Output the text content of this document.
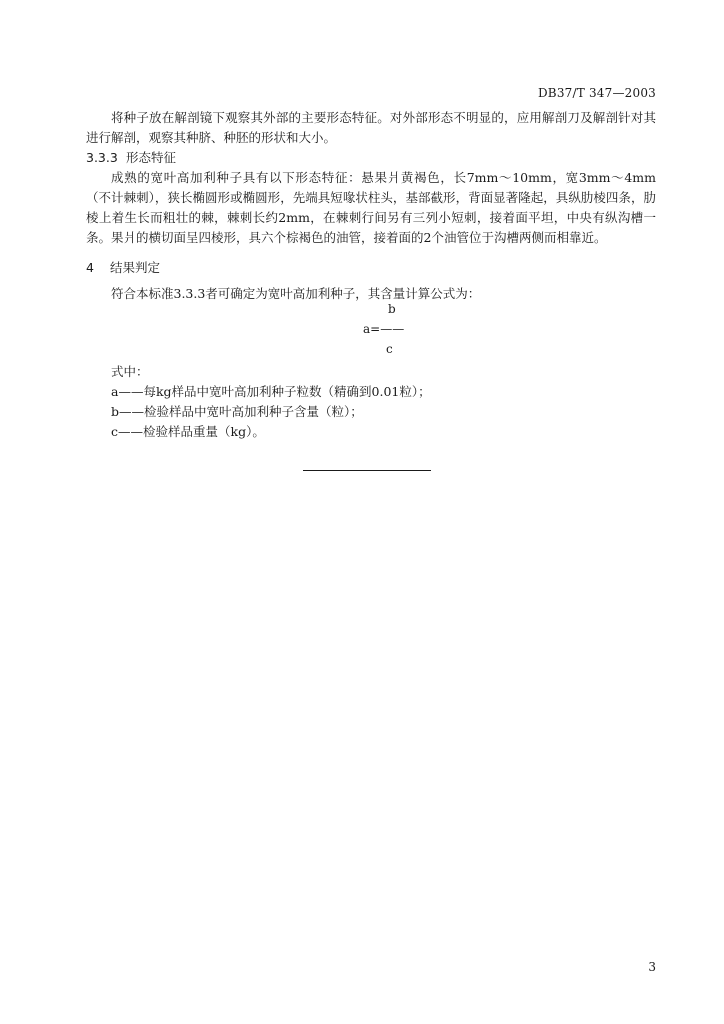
DB37/T 347—2003

将种子放在解剖镜下观察其外部的主要形态特征。对外部形态不明显的，应用解剖刀及解剖针对其进行解剖，观察其种脐、种胚的形状和大小。

3.3.3 形态特征

成熟的宽叶高加利种子具有以下形态特征：悬果爿黄褐色，长7mm～10mm，宽3mm～4mm（不计棘刺），狭长椭圆形或椭圆形，先端具短喙状柱头，基部截形，背面显著隆起，具纵肋棱四条，肋棱上着生长而粗壮的棘，棘刺长约2mm，在棘刺行间另有三列小短刺，接着面平坦，中央有纵沟槽一条。果爿的横切面呈四棱形，具六个棕褐色的油管，接着面的2个油管位于沟槽两侧而相靠近。

4 结果判定

符合本标准3.3.3者可确定为宽叶高加利种子，其含量计算公式为：

b
a=——
c

式中：

a——每kg样品中宽叶高加利种子粒数（精确到0.01粒）；

b——检验样品中宽叶高加利种子含量（粒）；

c——检验样品重量（kg）。

3
